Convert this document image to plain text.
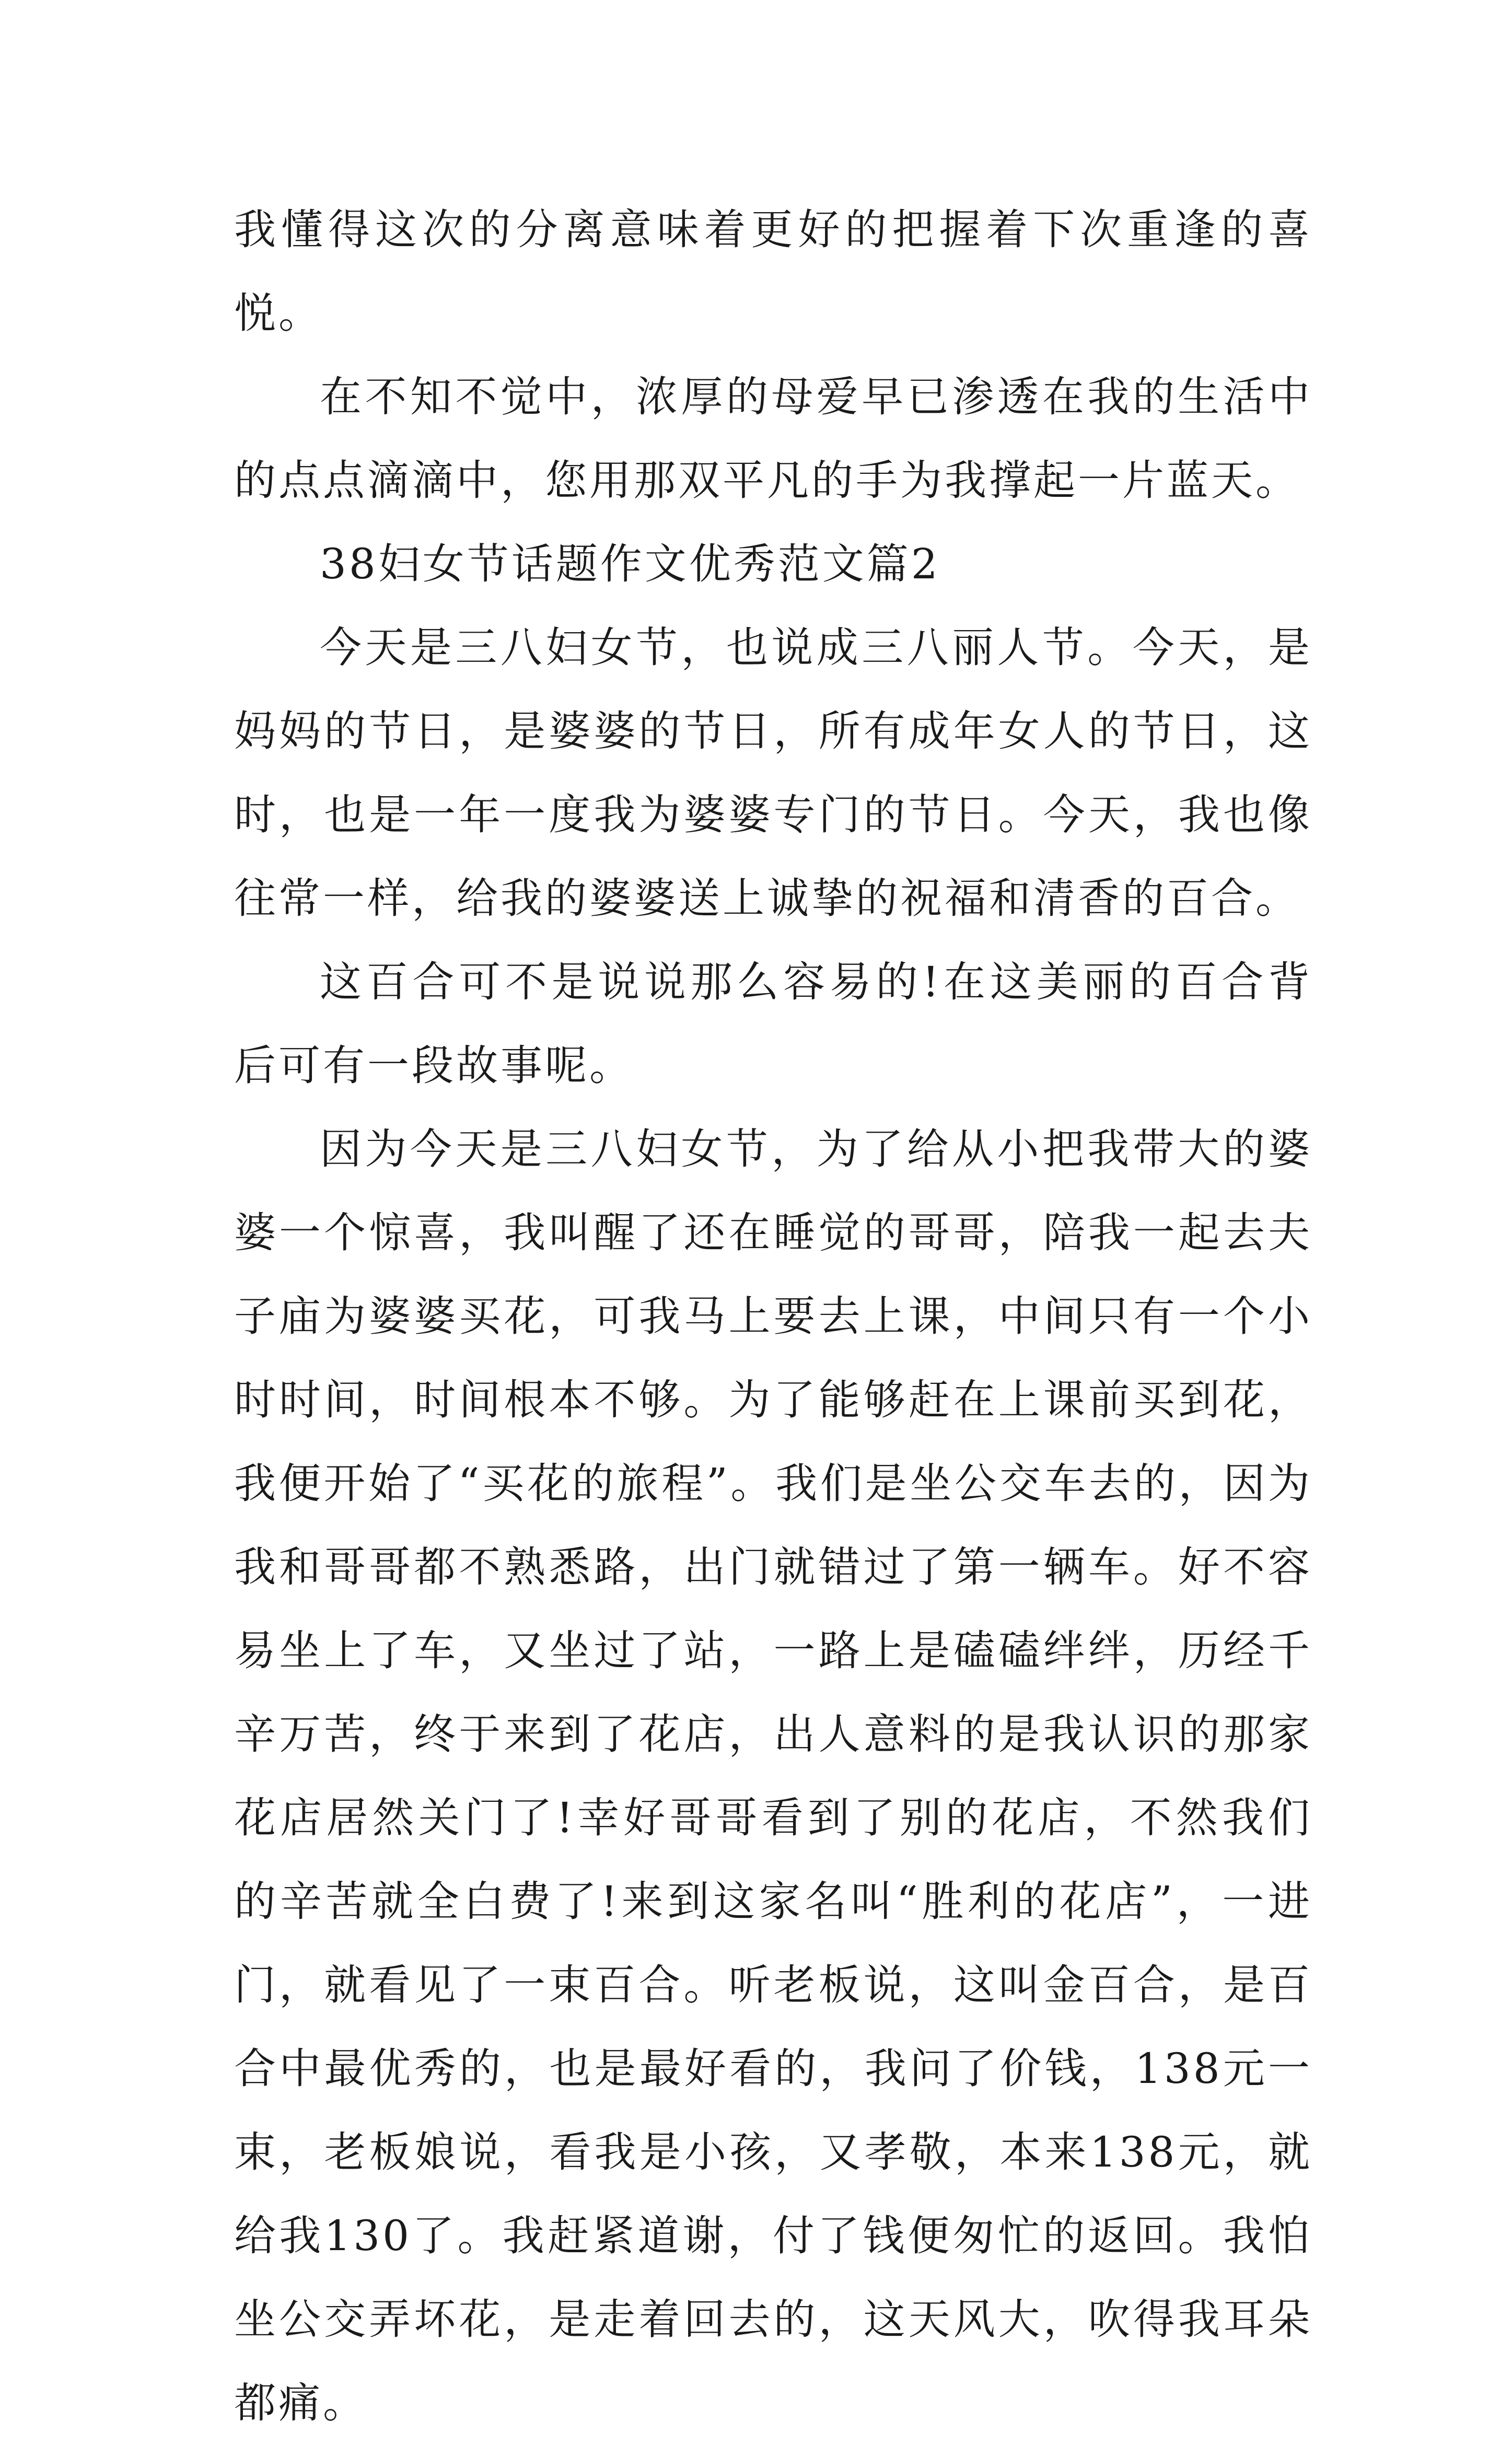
我懂得这次的分离意味着更好的把握着下次重逢的喜悦。

在不知不觉中，浓厚的母爱早已渗透在我的生活中的点点滴滴中，您用那双平凡的手为我撑起一片蓝天。

38妇女节话题作文优秀范文篇2

今天是三八妇女节，也说成三八丽人节。今天，是妈妈的节日，是婆婆的节日，所有成年女人的节日，这时，也是一年一度我为婆婆专门的节日。今天，我也像往常一样，给我的婆婆送上诚挚的祝福和清香的百合。

这百合可不是说说那么容易的!在这美丽的百合背后可有一段故事呢。

因为今天是三八妇女节，为了给从小把我带大的婆婆一个惊喜，我叫醒了还在睡觉的哥哥，陪我一起去夫子庙为婆婆买花，可我马上要去上课，中间只有一个小时时间，时间根本不够。为了能够赶在上课前买到花，我便开始了“买花的旅程”。我们是坐公交车去的，因为我和哥哥都不熟悉路，出门就错过了第一辆车。好不容易坐上了车，又坐过了站，一路上是磕磕绊绊，历经千辛万苦，终于来到了花店，出人意料的是我认识的那家花店居然关门了!幸好哥哥看到了别的花店，不然我们的辛苦就全白费了!来到这家名叫“胜利的花店”，一进门，就看见了一束百合。听老板说，这叫金百合，是百合中最优秀的，也是最好看的，我问了价钱，138元一束，老板娘说，看我是小孩，又孝敬，本来138元，就给我130了。我赶紧道谢，付了钱便匆忙的返回。我怕坐公交弄坏花，是走着回去的，这天风大，吹得我耳朵都痛。
